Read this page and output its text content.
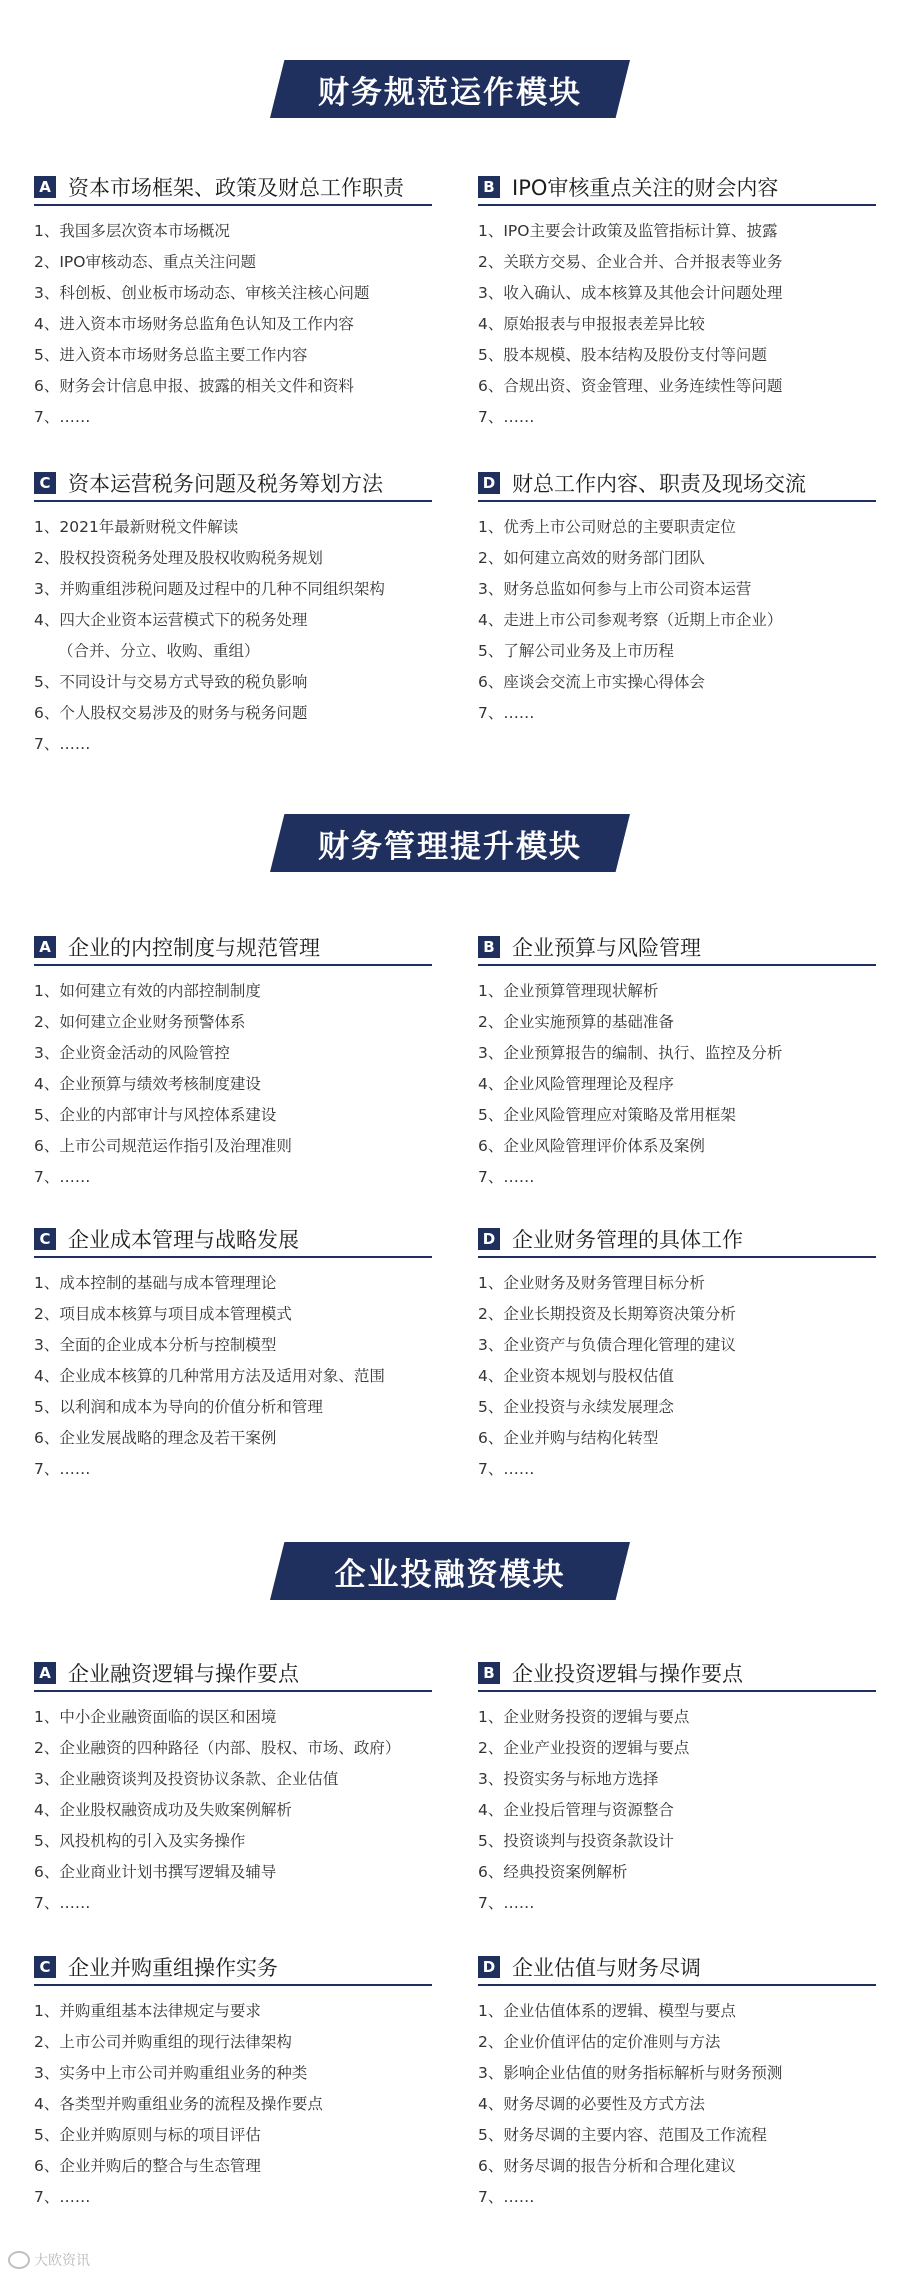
财务规范运作模块
A 资本市场框架、政策及财总工作职责
1、我国多层次资本市场概况
2、IPO审核动态、重点关注问题
3、科创板、创业板市场动态、审核关注核心问题
4、进入资本市场财务总监角色认知及工作内容
5、进入资本市场财务总监主要工作内容
6、财务会计信息申报、披露的相关文件和资料
7、……
B IPO审核重点关注的财会内容
1、IPO主要会计政策及监管指标计算、披露
2、关联方交易、企业合并、合并报表等业务
3、收入确认、成本核算及其他会计问题处理
4、原始报表与申报报表差异比较
5、股本规模、股本结构及股份支付等问题
6、合规出资、资金管理、业务连续性等问题
7、……
C 资本运营税务问题及税务筹划方法
1、2021年最新财税文件解读
2、股权投资税务处理及股权收购税务规划
3、并购重组涉税问题及过程中的几种不同组织架构
4、四大企业资本运营模式下的税务处理
（合并、分立、收购、重组）
5、不同设计与交易方式导致的税负影响
6、个人股权交易涉及的财务与税务问题
7、……
D 财总工作内容、职责及现场交流
1、优秀上市公司财总的主要职责定位
2、如何建立高效的财务部门团队
3、财务总监如何参与上市公司资本运营
4、走进上市公司参观考察（近期上市企业）
5、了解公司业务及上市历程
6、座谈会交流上市实操心得体会
7、……
财务管理提升模块
A 企业的内控制度与规范管理
1、如何建立有效的内部控制制度
2、如何建立企业财务预警体系
3、企业资金活动的风险管控
4、企业预算与绩效考核制度建设
5、企业的内部审计与风控体系建设
6、上市公司规范运作指引及治理准则
7、……
B 企业预算与风险管理
1、企业预算管理现状解析
2、企业实施预算的基础准备
3、企业预算报告的编制、执行、监控及分析
4、企业风险管理理论及程序
5、企业风险管理应对策略及常用框架
6、企业风险管理评价体系及案例
7、……
C 企业成本管理与战略发展
1、成本控制的基础与成本管理理论
2、项目成本核算与项目成本管理模式
3、全面的企业成本分析与控制模型
4、企业成本核算的几种常用方法及适用对象、范围
5、以利润和成本为导向的价值分析和管理
6、企业发展战略的理念及若干案例
7、……
D 企业财务管理的具体工作
1、企业财务及财务管理目标分析
2、企业长期投资及长期筹资决策分析
3、企业资产与负债合理化管理的建议
4、企业资本规划与股权估值
5、企业投资与永续发展理念
6、企业并购与结构化转型
7、……
企业投融资模块
A 企业融资逻辑与操作要点
1、中小企业融资面临的误区和困境
2、企业融资的四种路径（内部、股权、市场、政府）
3、企业融资谈判及投资协议条款、企业估值
4、企业股权融资成功及失败案例解析
5、风投机构的引入及实务操作
6、企业商业计划书撰写逻辑及辅导
7、……
B 企业投资逻辑与操作要点
1、企业财务投资的逻辑与要点
2、企业产业投资的逻辑与要点
3、投资实务与标地方选择
4、企业投后管理与资源整合
5、投资谈判与投资条款设计
6、经典投资案例解析
7、……
C 企业并购重组操作实务
1、并购重组基本法律规定与要求
2、上市公司并购重组的现行法律架构
3、实务中上市公司并购重组业务的种类
4、各类型并购重组业务的流程及操作要点
5、企业并购原则与标的项目评估
6、企业并购后的整合与生态管理
7、……
D 企业估值与财务尽调
1、企业估值体系的逻辑、模型与要点
2、企业价值评估的定价准则与方法
3、影响企业估值的财务指标解析与财务预测
4、财务尽调的必要性及方式方法
5、财务尽调的主要内容、范围及工作流程
6、财务尽调的报告分析和合理化建议
7、……
大欧资讯
